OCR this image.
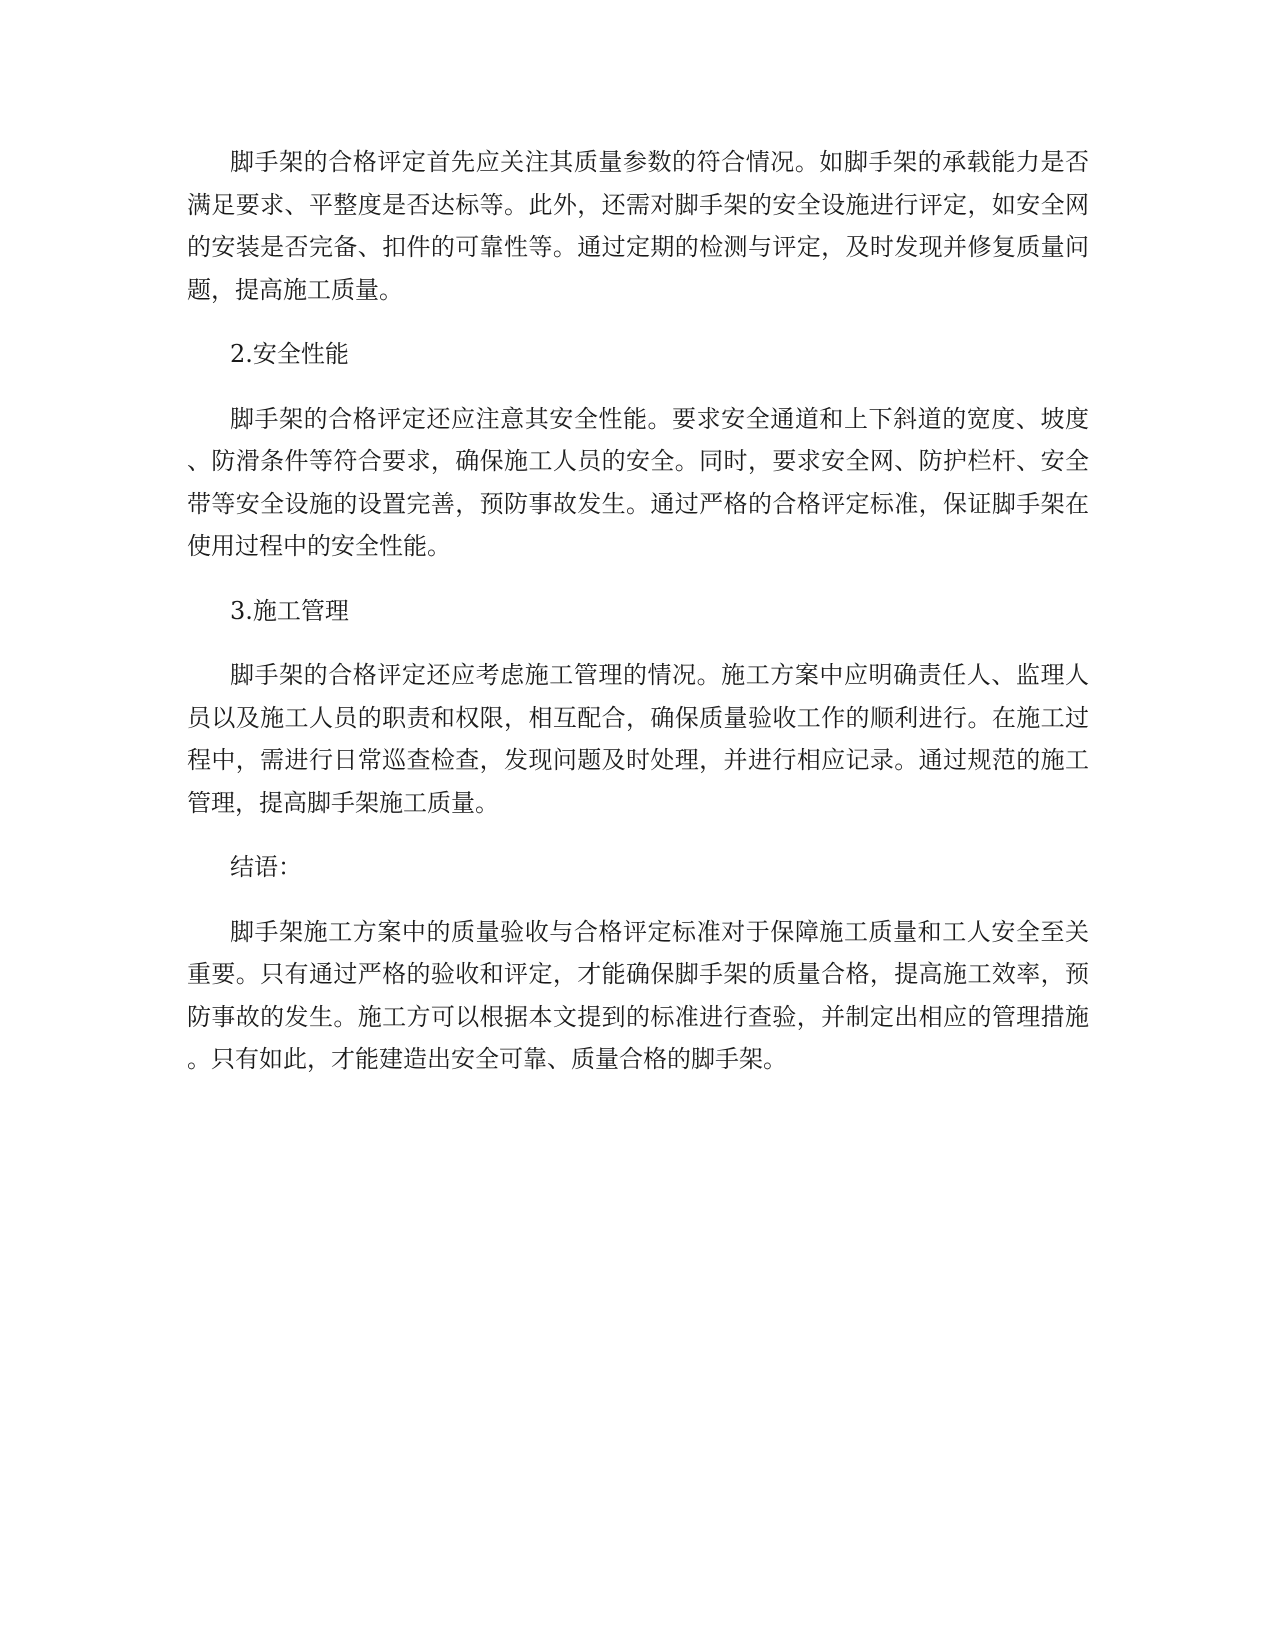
脚手架的合格评定首先应关注其质量参数的符合情况。如脚手架的承载能力是否满足要求、平整度是否达标等。此外，还需对脚手架的安全设施进行评定，如安全网的安装是否完备、扣件的可靠性等。通过定期的检测与评定，及时发现并修复质量问题，提高施工质量。

2.安全性能

脚手架的合格评定还应注意其安全性能。要求安全通道和上下斜道的宽度、坡度、防滑条件等符合要求，确保施工人员的安全。同时，要求安全网、防护栏杆、安全带等安全设施的设置完善，预防事故发生。通过严格的合格评定标准，保证脚手架在使用过程中的安全性能。

3.施工管理

脚手架的合格评定还应考虑施工管理的情况。施工方案中应明确责任人、监理人员以及施工人员的职责和权限，相互配合，确保质量验收工作的顺利进行。在施工过程中，需进行日常巡查检查，发现问题及时处理，并进行相应记录。通过规范的施工管理，提高脚手架施工质量。

结语：

脚手架施工方案中的质量验收与合格评定标准对于保障施工质量和工人安全至关重要。只有通过严格的验收和评定，才能确保脚手架的质量合格，提高施工效率，预防事故的发生。施工方可以根据本文提到的标准进行查验，并制定出相应的管理措施。只有如此，才能建造出安全可靠、质量合格的脚手架。
